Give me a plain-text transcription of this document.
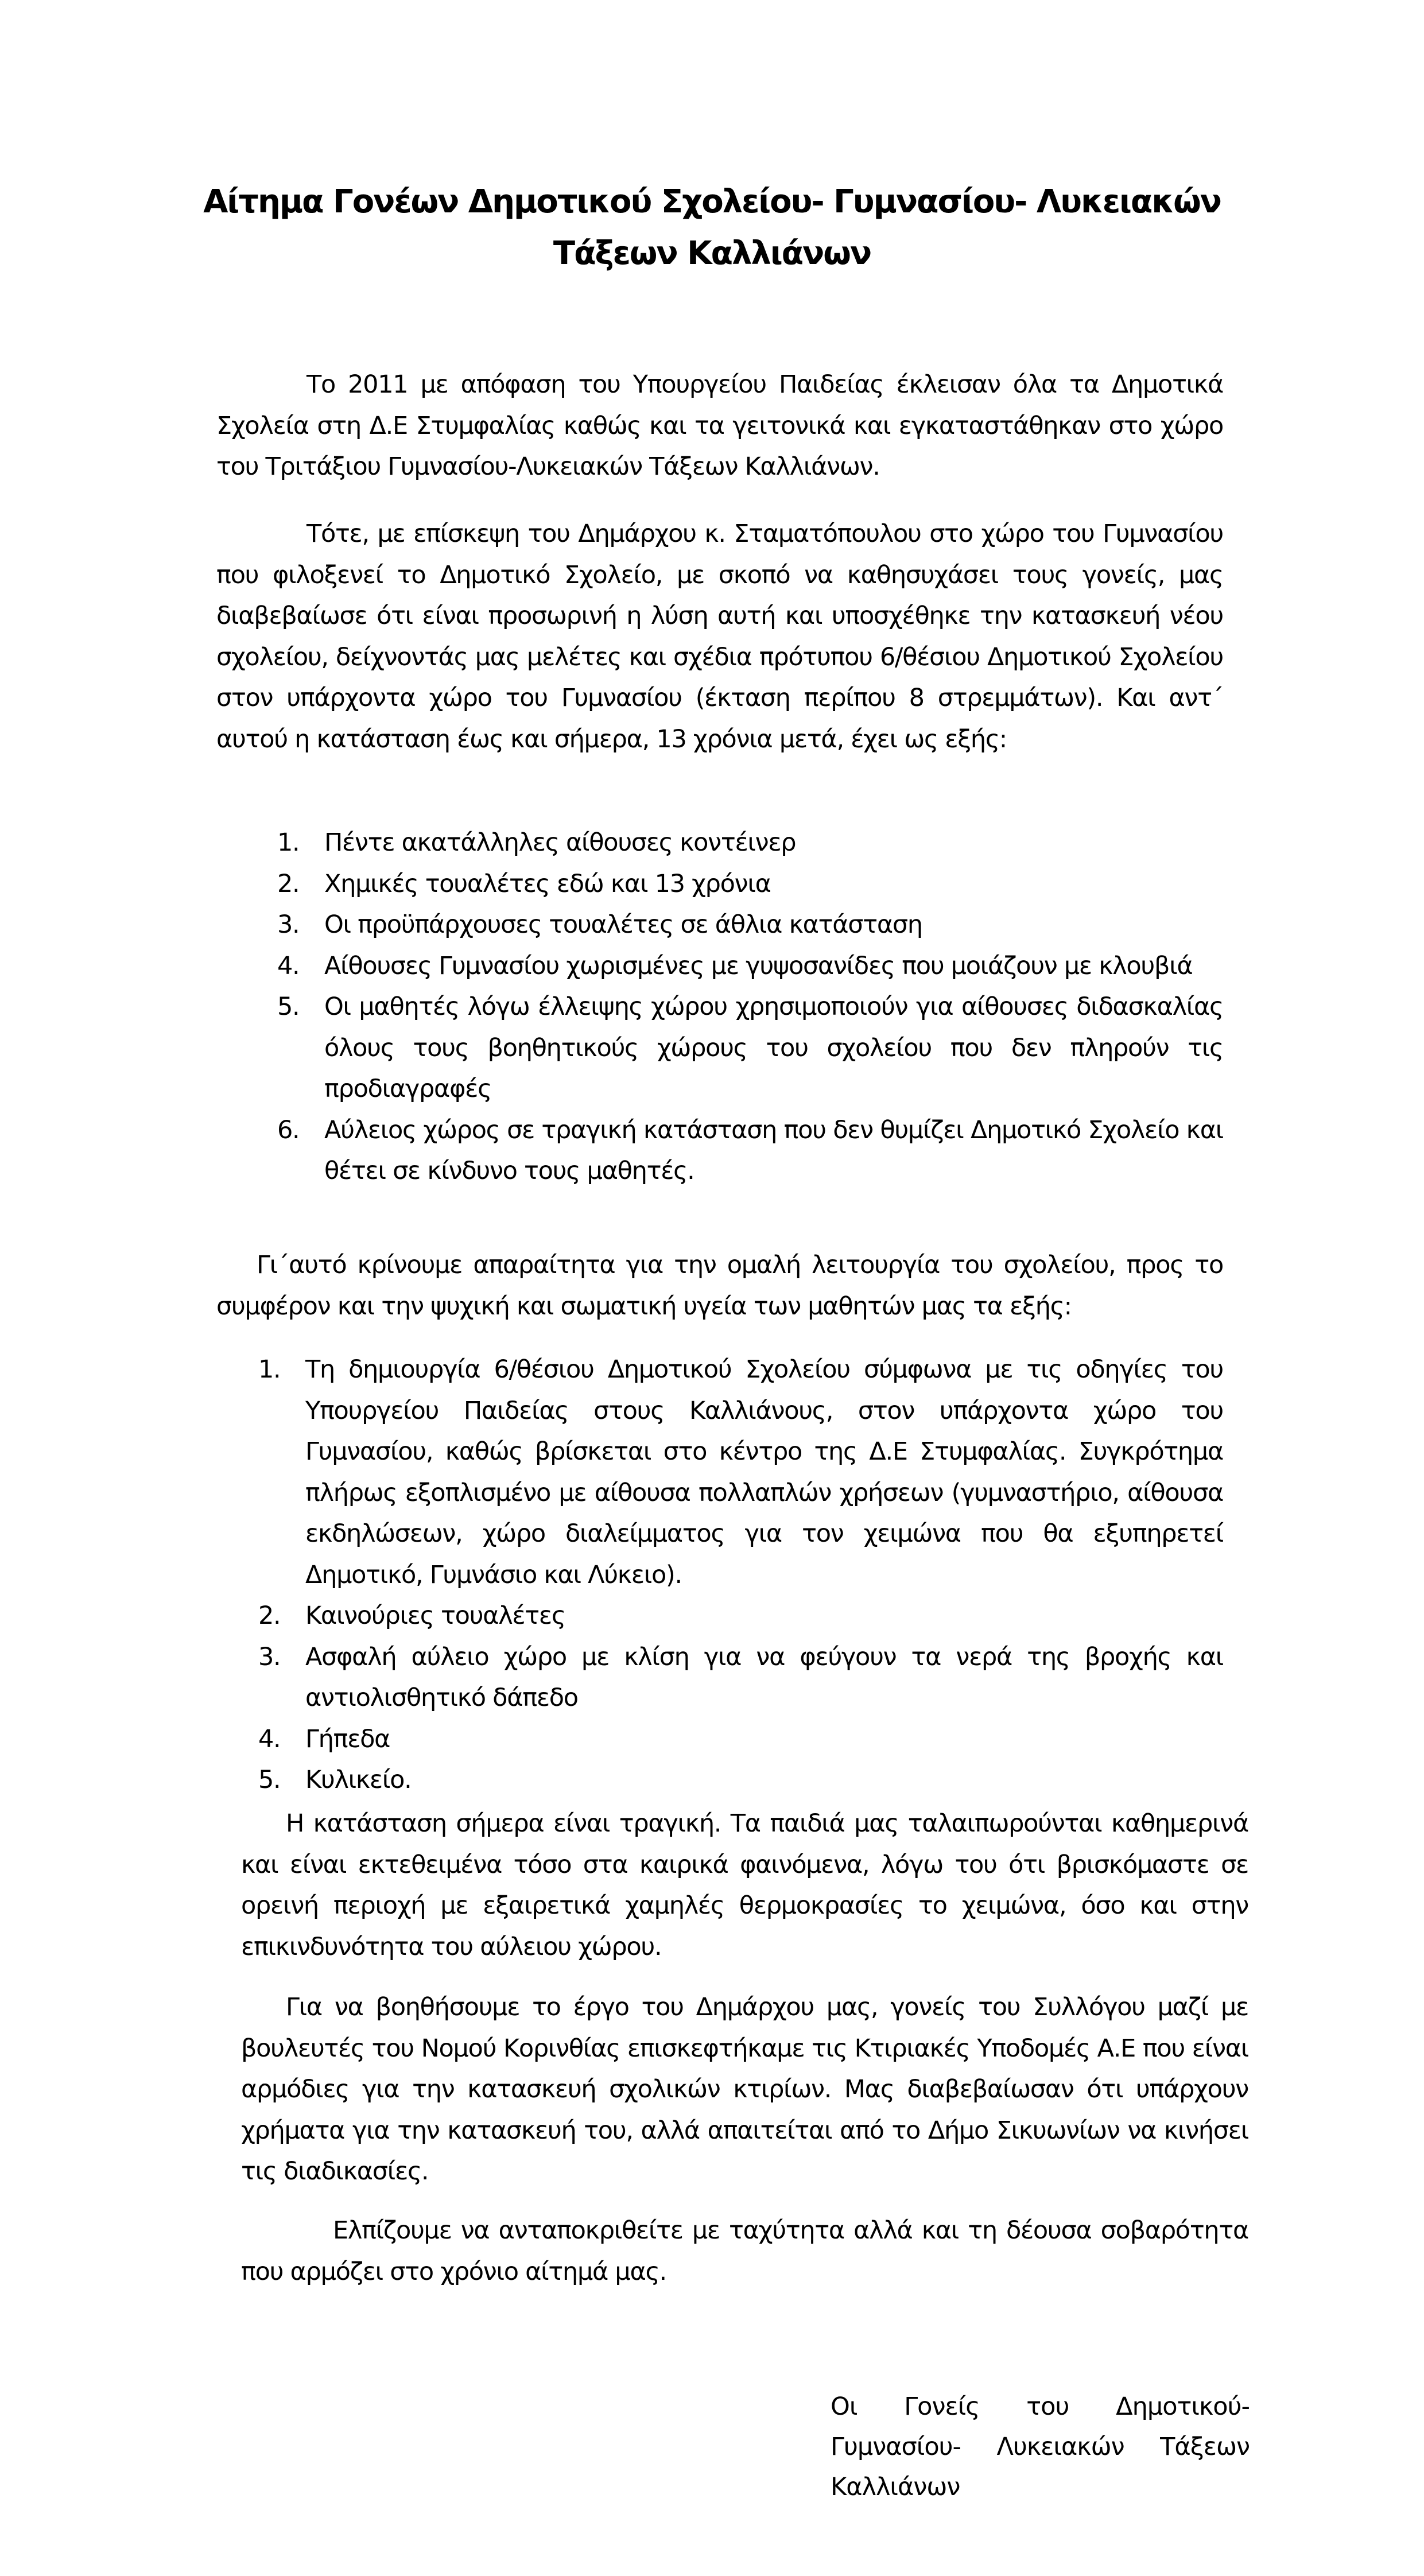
Αίτημα Γονέων Δημοτικού Σχολείου- Γυμνασίου- Λυκειακών
Τάξεων Καλλιάνων
Το 2011 με απόφαση του Υπουργείου Παιδείας έκλεισαν όλα τα Δημοτικά Σχολεία στη Δ.Ε Στυμφαλίας καθώς και τα γειτονικά και εγκαταστάθηκαν στο χώρο του Τριτάξιου Γυμνασίου-Λυκειακών Τάξεων Καλλιάνων.
Τότε, με επίσκεψη του Δημάρχου κ. Σταματόπουλου στο χώρο του Γυμνασίου που φιλοξενεί το Δημοτικό Σχολείο, με σκοπό να καθησυχάσει τους γονείς, μας διαβεβαίωσε ότι είναι προσωρινή η λύση αυτή και υποσχέθηκε την κατασκευή νέου σχολείου, δείχνοντάς μας μελέτες και σχέδια πρότυπου 6/θέσιου Δημοτικού Σχολείου στον υπάρχοντα χώρο του Γυμνασίου (έκταση περίπου 8 στρεμμάτων). Και αντ΄ αυτού η κατάσταση έως και σήμερα, 13 χρόνια μετά, έχει ως εξής:
1. Πέντε ακατάλληλες αίθουσες κοντέινερ
2. Χημικές τουαλέτες εδώ και 13 χρόνια
3. Οι προϋπάρχουσες τουαλέτες σε άθλια κατάσταση
4. Αίθουσες Γυμνασίου χωρισμένες με γυψοσανίδες που μοιάζουν με κλουβιά
5. Οι μαθητές λόγω έλλειψης χώρου χρησιμοποιούν για αίθουσες διδασκαλίας όλους τους βοηθητικούς χώρους του σχολείου που δεν πληρούν τις προδιαγραφές
6. Αύλειος χώρος σε τραγική κατάσταση που δεν θυμίζει Δημοτικό Σχολείο και θέτει σε κίνδυνο τους μαθητές.
Γι΄αυτό κρίνουμε απαραίτητα για την ομαλή λειτουργία του σχολείου, προς το συμφέρον και την ψυχική και σωματική υγεία των μαθητών μας τα εξής:
1. Τη δημιουργία 6/θέσιου Δημοτικού Σχολείου σύμφωνα με τις οδηγίες του Υπουργείου Παιδείας στους Καλλιάνους, στον υπάρχοντα χώρο του Γυμνασίου, καθώς βρίσκεται στο κέντρο της Δ.Ε Στυμφαλίας. Συγκρότημα πλήρως εξοπλισμένο με αίθουσα πολλαπλών χρήσεων (γυμναστήριο, αίθουσα εκδηλώσεων, χώρο διαλείμματος για τον χειμώνα που θα εξυπηρετεί Δημοτικό, Γυμνάσιο και Λύκειο).
2. Καινούριες τουαλέτες
3. Ασφαλή αύλειο χώρο με κλίση για να φεύγουν τα νερά της βροχής και αντιολισθητικό δάπεδο
4. Γήπεδα
5. Κυλικείο.
Η κατάσταση σήμερα είναι τραγική. Τα παιδιά μας ταλαιπωρούνται καθημερινά και είναι εκτεθειμένα τόσο στα καιρικά φαινόμενα, λόγω του ότι βρισκόμαστε σε ορεινή περιοχή με εξαιρετικά χαμηλές θερμοκρασίες το χειμώνα, όσο και στην επικινδυνότητα του αύλειου χώρου.
Για να βοηθήσουμε το έργο του Δημάρχου μας, γονείς του Συλλόγου μαζί με βουλευτές του Νομού Κορινθίας επισκεφτήκαμε τις Κτιριακές Υποδομές Α.Ε που είναι αρμόδιες για την κατασκευή σχολικών κτιρίων. Μας διαβεβαίωσαν ότι υπάρχουν χρήματα για την κατασκευή του, αλλά απαιτείται από το Δήμο Σικυωνίων να κινήσει τις διαδικασίες.
Ελπίζουμε να ανταποκριθείτε με ταχύτητα αλλά και τη δέουσα σοβαρότητα που αρμόζει στο χρόνιο αίτημά μας.
Οι Γονείς του Δημοτικού-
Γυμνασίου- Λυκειακών Τάξεων
Καλλιάνων
